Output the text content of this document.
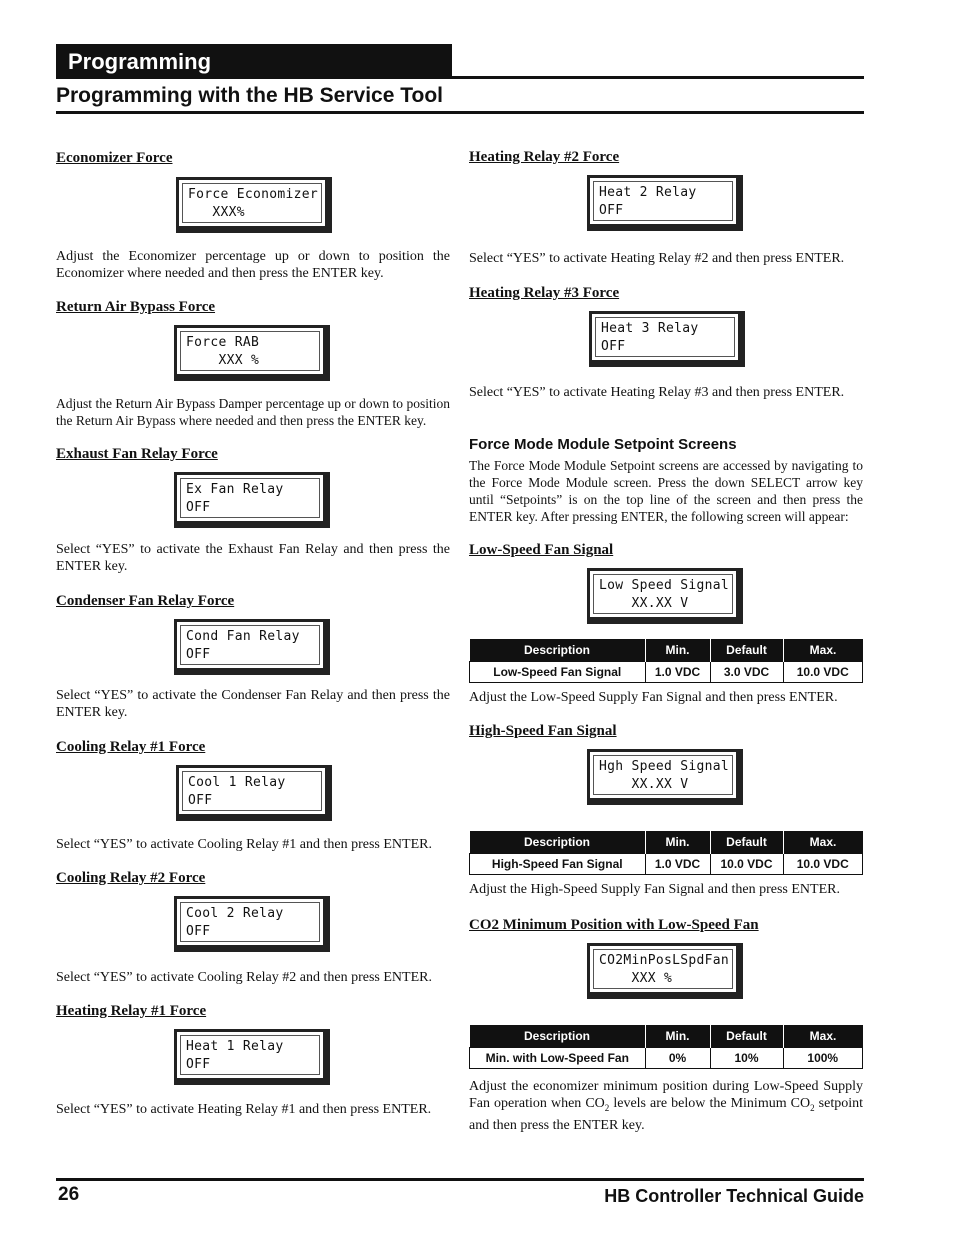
Programming
Programming with the HB Service Tool
Economizer Force
Force Economizer
XXX%
Adjust the Economizer percentage up or down to position the Economizer where needed and then press the ENTER key.
Return Air Bypass Force
Force RAB
XXX %
Adjust the Return Air Bypass Damper percentage up or down to position the Return Air Bypass where needed and then press the ENTER key.
Exhaust Fan Relay Force
Ex Fan Relay
OFF
Select “YES” to activate the Exhaust Fan Relay and then press the ENTER key.
Condenser Fan Relay Force
Cond Fan Relay
OFF
Select “YES” to activate the Condenser Fan Relay and then press the ENTER key.
Cooling Relay #1 Force
Cool 1 Relay
OFF
Select “YES” to activate Cooling Relay #1 and then press ENTER.
Cooling Relay #2 Force
Cool 2 Relay
OFF
Select “YES” to activate Cooling Relay #2 and then press ENTER.
Heating Relay #1 Force
Heat 1 Relay
OFF
Select “YES” to activate Heating Relay #1 and then press ENTER.
Heating Relay #2 Force
Heat 2 Relay
OFF
Select “YES” to activate Heating Relay #2 and then press ENTER.
Heating Relay #3 Force
Heat 3 Relay
OFF
Select “YES” to activate Heating Relay #3 and then press ENTER.
Force Mode Module Setpoint Screens
The Force Mode Module Setpoint screens are accessed by navigating to the Force Mode Module screen. Press the down SELECT arrow key until “Setpoints” is on the top line of the screen and then press the ENTER key. After pressing ENTER, the following screen will appear:
Low-Speed Fan Signal
Low Speed Signal
XX.XX V
Description	Min.	Default	Max.
Low-Speed Fan Signal	1.0 VDC	3.0 VDC	10.0 VDC
Adjust the Low-Speed Supply Fan Signal and then press ENTER.
High-Speed Fan Signal
Hgh Speed Signal
XX.XX V
Description	Min.	Default	Max.
High-Speed Fan Signal	1.0 VDC	10.0 VDC	10.0 VDC
Adjust the High-Speed Supply Fan Signal and then press ENTER.
CO2 Minimum Position with Low-Speed Fan
CO2MinPosLSpdFan
XXX %
Description	Min.	Default	Max.
Min. with Low-Speed Fan	0%	10%	100%
Adjust the economizer minimum position during Low-Speed Supply Fan operation when $CO_2$ levels are below the Minimum $CO_2$ setpoint and then press the ENTER key.
26	HB Controller Technical Guide
